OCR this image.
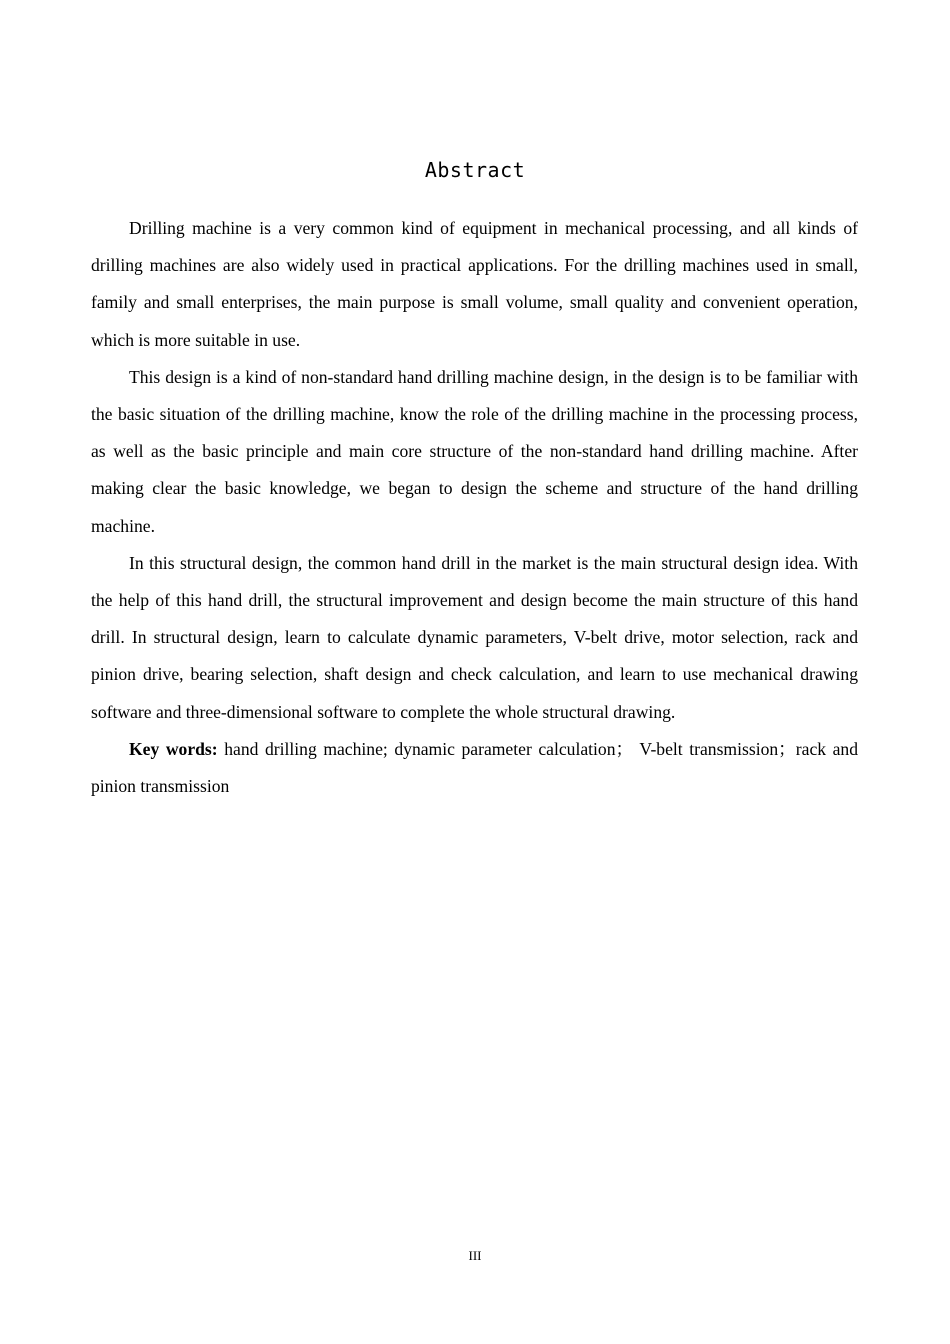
Abstract

Drilling machine is a very common kind of equipment in mechanical processing, and all kinds of drilling machines are also widely used in practical applications. For the drilling machines used in small, family and small enterprises, the main purpose is small volume, small quality and convenient operation, which is more suitable in use.

This design is a kind of non-standard hand drilling machine design, in the design is to be familiar with the basic situation of the drilling machine, know the role of the drilling machine in the processing process, as well as the basic principle and main core structure of the non-standard hand drilling machine. After making clear the basic knowledge, we began to design the scheme and structure of the hand drilling machine.

In this structural design, the common hand drill in the market is the main structural design idea. With the help of this hand drill, the structural improvement and design become the main structure of this hand drill. In structural design, learn to calculate dynamic parameters, V-belt drive, motor selection, rack and pinion drive, bearing selection, shaft design and check calculation, and learn to use mechanical drawing software and three-dimensional software to complete the whole structural drawing.

Key words: hand drilling machine; dynamic parameter calculation； V-belt transmission；rack and pinion transmission

III
